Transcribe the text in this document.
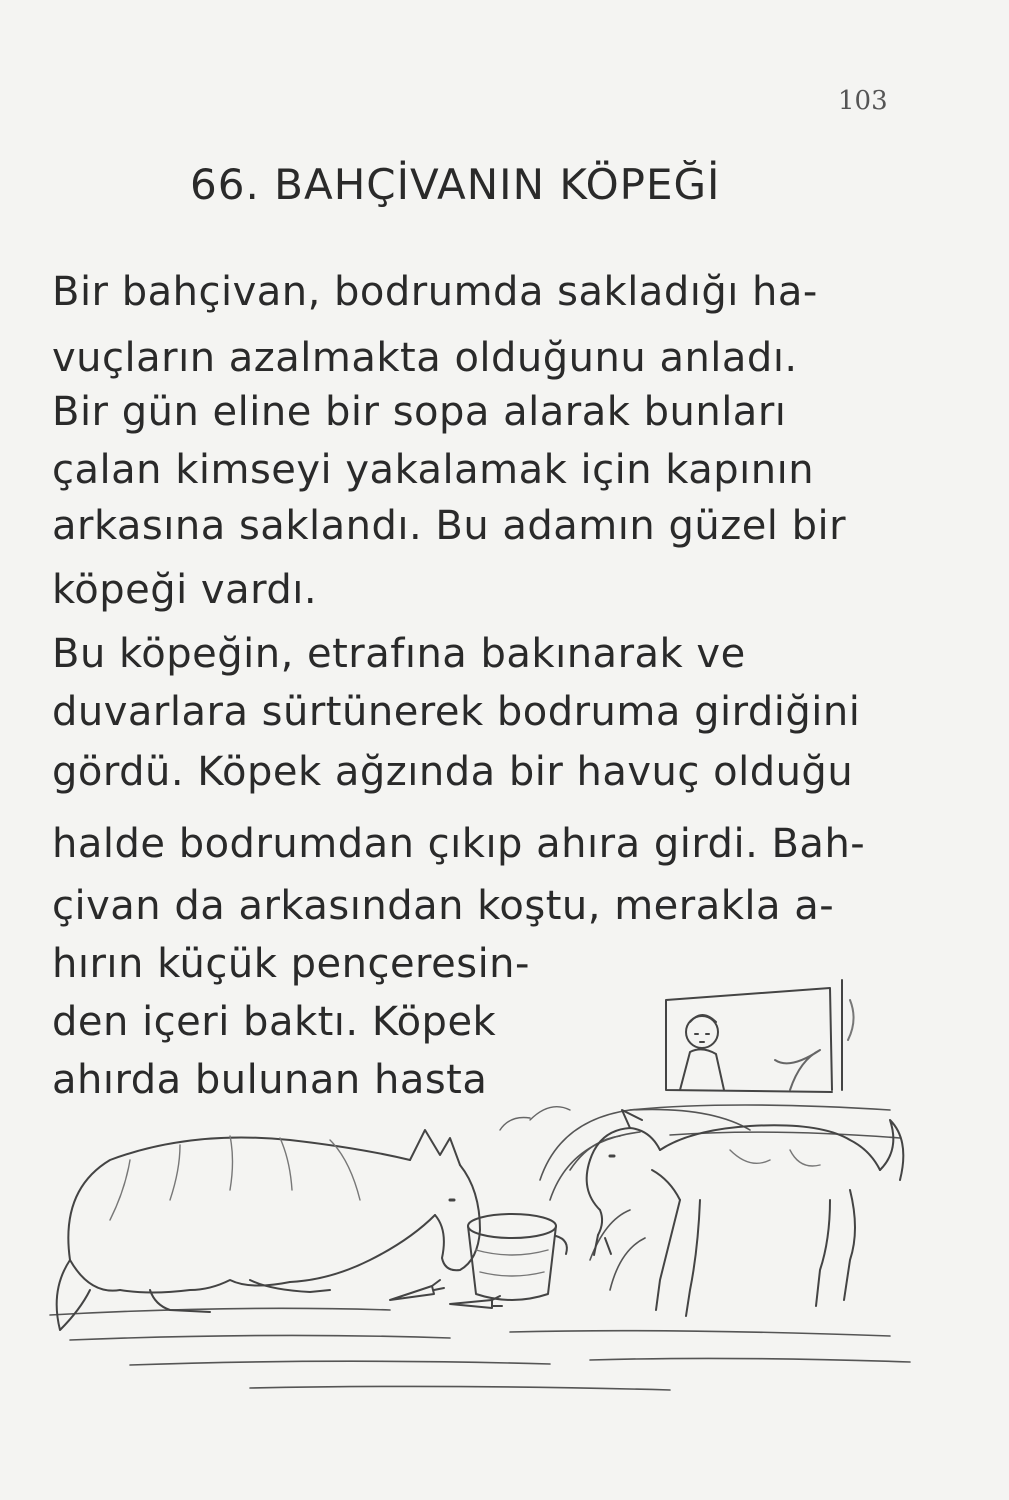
103
66. BAHÇİVANIN KÖPEĞİ
Bir bahçivan, bodrumda sakladığı ha-
vuçların azalmakta olduğunu anladı.
Bir gün eline bir sopa alarak bunları
çalan kimseyi yakalamak için kapının
arkasına saklandı. Bu adamın güzel bir
köpeği vardı.
Bu köpeğin, etrafına bakınarak ve
duvarlara sürtünerek bodruma girdiğini
gördü. Köpek ağzında bir havuç olduğu
halde bodrumdan çıkıp ahıra girdi. Bah-
çivan da arkasından koştu, merakla a-
hırın küçük pençeresin-
den içeri baktı. Köpek
ahırda bulunan hasta
